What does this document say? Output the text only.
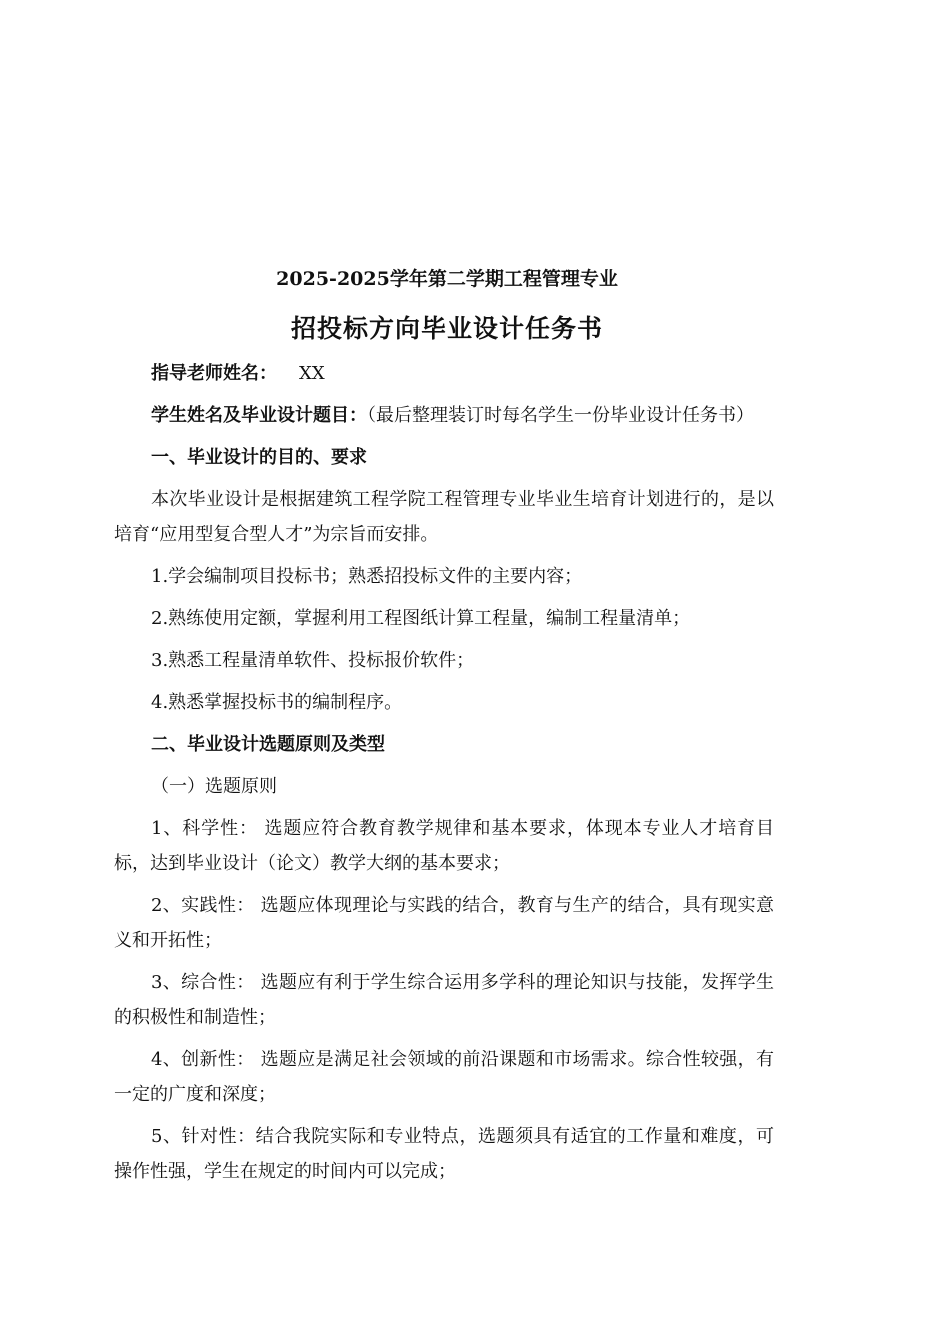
2025-2025学年第二学期工程管理专业
招投标方向毕业设计任务书

指导老师姓名： XX

学生姓名及毕业设计题目：（最后整理装订时每名学生一份毕业设计任务书）

一、毕业设计的目的、要求

本次毕业设计是根据建筑工程学院工程管理专业毕业生培育计划进行的，是以培育“应用型复合型人才”为宗旨而安排。

1.学会编制项目投标书；熟悉招投标文件的主要内容；

2.熟练使用定额，掌握利用工程图纸计算工程量，编制工程量清单；

3.熟悉工程量清单软件、投标报价软件；

4.熟悉掌握投标书的编制程序。

二、毕业设计选题原则及类型

（一）选题原则

1、科学性： 选题应符合教育教学规律和基本要求，体现本专业人才培育目标，达到毕业设计（论文）教学大纲的基本要求；

2、实践性： 选题应体现理论与实践的结合，教育与生产的结合，具有现实意义和开拓性；

3、综合性： 选题应有利于学生综合运用多学科的理论知识与技能，发挥学生的积极性和制造性；

4、创新性： 选题应是满足社会领域的前沿课题和市场需求。综合性较强，有一定的广度和深度；

5、针对性：结合我院实际和专业特点，选题须具有适宜的工作量和难度，可操作性强，学生在规定的时间内可以完成；
